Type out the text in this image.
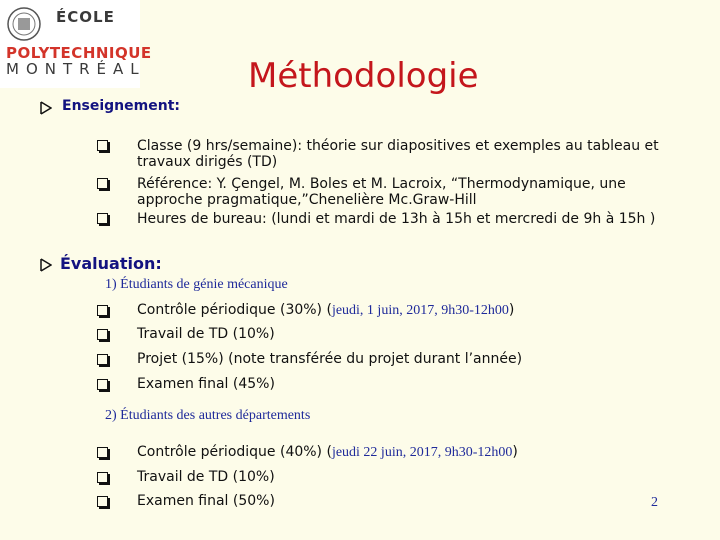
ÉCOLE
POLYTECHNIQUE
MONTRÉAL	Méthodologie
Enseignement:
Classe (9 hrs/semaine): théorie sur diapositives et exemples au tableau et
travaux dirigés (TD)
Référence: Y. Çengel, M. Boles et M. Lacroix, “Thermodynamique, une
approche pragmatique,”Chenelière Mc.Graw-Hill
Heures de bureau: (lundi et mardi de 13h à 15h et mercredi de 9h à 15h )
Évaluation:
1) Étudiants de génie mécanique
Contrôle périodique (30%) (jeudi, 1 juin, 2017, 9h30-12h00)
Travail de TD (10%)
Projet (15%) (note transférée du projet durant l’année)
Examen final (45%)
2) Étudiants des autres départements
Contrôle périodique (40%) (jeudi 22 juin, 2017, 9h30-12h00)
Travail de TD (10%)
Examen final (50%)	2
